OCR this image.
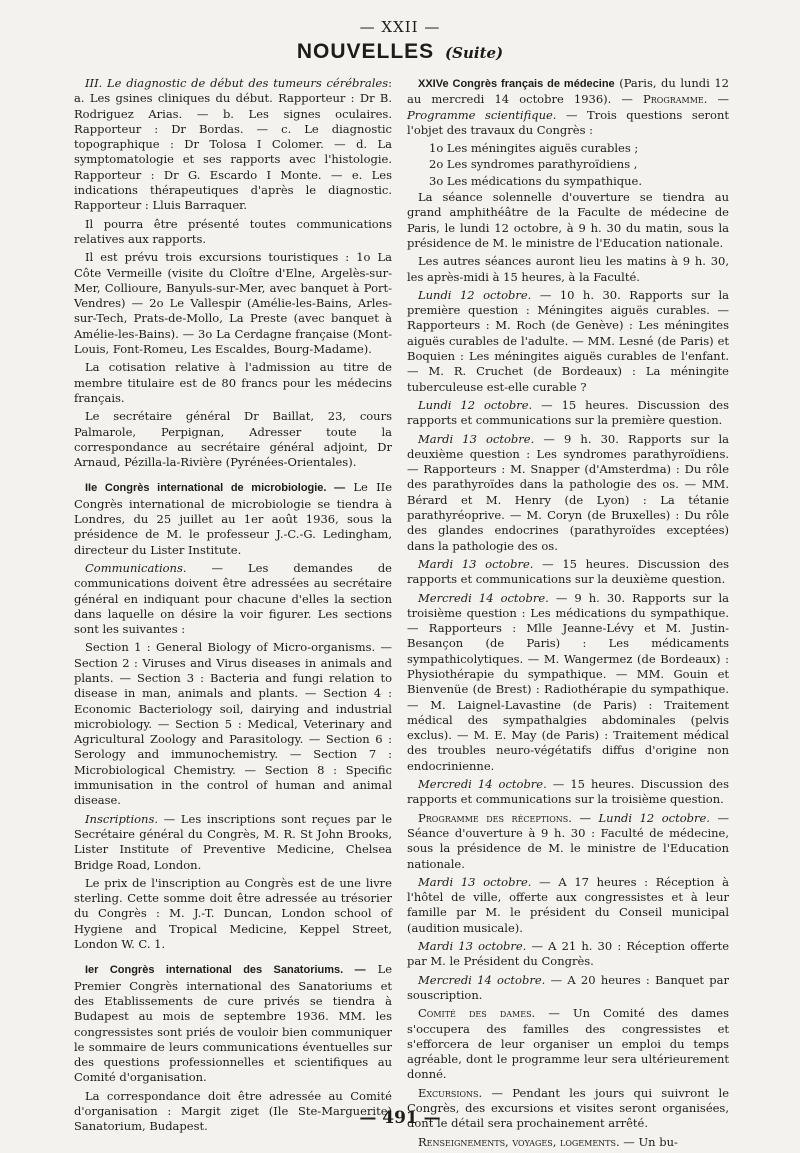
— XXII —
NOUVELLES (Suite)

III. Le diagnostic de début des tumeurs cérébrales: a. Les gsines cliniques du début. Rapporteur : Dr B. Rodriguez Arias. — b. Les signes oculaires. Rapporteur : Dr Bordas. — c. Le diagnostic topographique : Dr Tolosa I Colomer. — d. La symptomatologie et ses rapports avec l'histologie. Rapporteur : Dr G. Escardo I Monte. — e. Les indications thérapeutiques d'après le diagnostic. Rapporteur : Lluis Barraquer.

Il pourra être présenté toutes communications relatives aux rapports.

Il est prévu trois excursions touristiques : 1o La Côte Vermeille (visite du Cloître d'Elne, Argelès-sur-Mer, Collioure, Banyuls-sur-Mer, avec banquet à Port-Vendres) — 2o Le Vallespir (Amélie-les-Bains, Arles-sur-Tech, Prats-de-Mollo, La Preste (avec banquet à Amélie-les-Bains). — 3o La Cerdagne française (Mont-Louis, Font-Romeu, Les Escaldes, Bourg-Madame).

La cotisation relative à l'admission au titre de membre titulaire est de 80 francs pour les médecins français.

Le secrétaire général Dr Baillat, 23, cours Palmarole, Perpignan, Adresser toute la correspondance au secrétaire général adjoint, Dr Arnaud, Pézilla-la-Rivière (Pyrénées-Orientales).

IIe Congrès international de microbiologie. — Le IIe Congrès international de microbiologie se tiendra à Londres, du 25 juillet au 1er août 1936, sous la présidence de M. le professeur J.-C.-G. Ledingham, directeur du Lister Institute.

Communications. — Les demandes de communications doivent être adressées au secrétaire général en indiquant pour chacune d'elles la section dans laquelle on désire la voir figurer. Les sections sont les suivantes :

Section 1 : General Biology of Micro-organisms. — Section 2 : Viruses and Virus diseases in animals and plants. — Section 3 : Bacteria and fungi relation to disease in man, animals and plants. — Section 4 : Economic Bacteriology soil, dairying and industrial microbiology. — Section 5 : Medical, Veterinary and Agricultural Zoology and Parasitology. — Section 6 : Serology and immunochemistry. — Section 7 : Microbiological Chemistry. — Section 8 : Specific immunisation in the control of human and animal disease.

Inscriptions. — Les inscriptions sont reçues par le Secrétaire général du Congrès, M. R. St John Brooks, Lister Institute of Preventive Medicine, Chelsea Bridge Road, London.

Le prix de l'inscription au Congrès est de une livre sterling. Cette somme doit être adressée au trésorier du Congrès : M. J.-T. Duncan, London school of Hygiene and Tropical Medicine, Keppel Street, London W. C. 1.

Ier Congrès international des Sanatoriums. — Le Premier Congrès international des Sanatoriums et des Etablissements de cure privés se tiendra à Budapest au mois de septembre 1936. MM. les congressistes sont priés de vouloir bien communiquer le sommaire de leurs communications éventuelles sur des questions professionnelles et scientifiques au Comité d'organisation.

La correspondance doit être adressée au Comité d'organisation : Margit ziget (Ile Ste-Marguerite) Sanatorium, Budapest.

XXIVe Congrès français de médecine (Paris, du lundi 12 au mercredi 14 octobre 1936). — Programme. — Programme scientifique. — Trois questions seront l'objet des travaux du Congrès :

1o Les méningites aiguës curables ;

2o Les syndromes parathyroïdiens ,

3o Les médications du sympathique.

La séance solennelle d'ouverture se tiendra au grand amphithéâtre de la Faculte de médecine de Paris, le lundi 12 octobre, à 9 h. 30 du matin, sous la présidence de M. le ministre de l'Education nationale.

Les autres séances auront lieu les matins à 9 h. 30, les après-midi à 15 heures, à la Faculté.

Lundi 12 octobre. — 10 h. 30. Rapports sur la première question : Méningites aiguës curables. — Rapporteurs : M. Roch (de Genève) : Les méningites aiguës curables de l'adulte. — MM. Lesné (de Paris) et Boquien : Les méningites aiguës curables de l'enfant. — M. R. Cruchet (de Bordeaux) : La méningite tuberculeuse est-elle curable ?

Lundi 12 octobre. — 15 heures. Discussion des rapports et communications sur la première question.

Mardi 13 octobre. — 9 h. 30. Rapports sur la deuxième question : Les syndromes parathyroïdiens. — Rapporteurs : M. Snapper (d'Amsterdma) : Du rôle des parathyroïdes dans la pathologie des os. — MM. Bérard et M. Henry (de Lyon) : La tétanie parathyréoprive. — M. Coryn (de Bruxelles) : Du rôle des glandes endocrines (parathyroïdes exceptées) dans la pathologie des os.

Mardi 13 octobre. — 15 heures. Discussion des rapports et communications sur la deuxième question.

Mercredi 14 octobre. — 9 h. 30. Rapports sur la troisième question : Les médications du sympathique. — Rapporteurs : Mlle Jeanne-Lévy et M. Justin-Besançon (de Paris) : Les médicaments sympathicolytiques. — M. Wangermez (de Bordeaux) : Physiothérapie du sympathique. — MM. Gouin et Bienvenüe (de Brest) : Radiothérapie du sympathique. — M. Laignel-Lavastine (de Paris) : Traitement médical des sympathalgies abdominales (pelvis exclus). — M. E. May (de Paris) : Traitement médical des troubles neuro-végétatifs diffus d'origine non endocrinienne.

Mercredi 14 octobre. — 15 heures. Discussion des rapports et communications sur la troisième question.

Programme des réceptions. — Lundi 12 octobre. — Séance d'ouverture à 9 h. 30 : Faculté de médecine, sous la présidence de M. le ministre de l'Education nationale.

Mardi 13 octobre. — A 17 heures : Réception à l'hôtel de ville, offerte aux congressistes et à leur famille par M. le président du Conseil municipal (audition musicale).

Mardi 13 octobre. — A 21 h. 30 : Réception offerte par M. le Président du Congrès.

Mercredi 14 octobre. — A 20 heures : Banquet par souscription.

Comité des dames. — Un Comité des dames s'occupera des familles des congressistes et s'efforcera de leur organiser un emploi du temps agréable, dont le programme leur sera ultérieurement donné.

Excursions. — Pendant les jours qui suivront le Congrès, des excursions et visites seront organisées, dont le détail sera prochainement arrêté.

Renseignements, voyages, logements. — Un bu-

— 491 —
